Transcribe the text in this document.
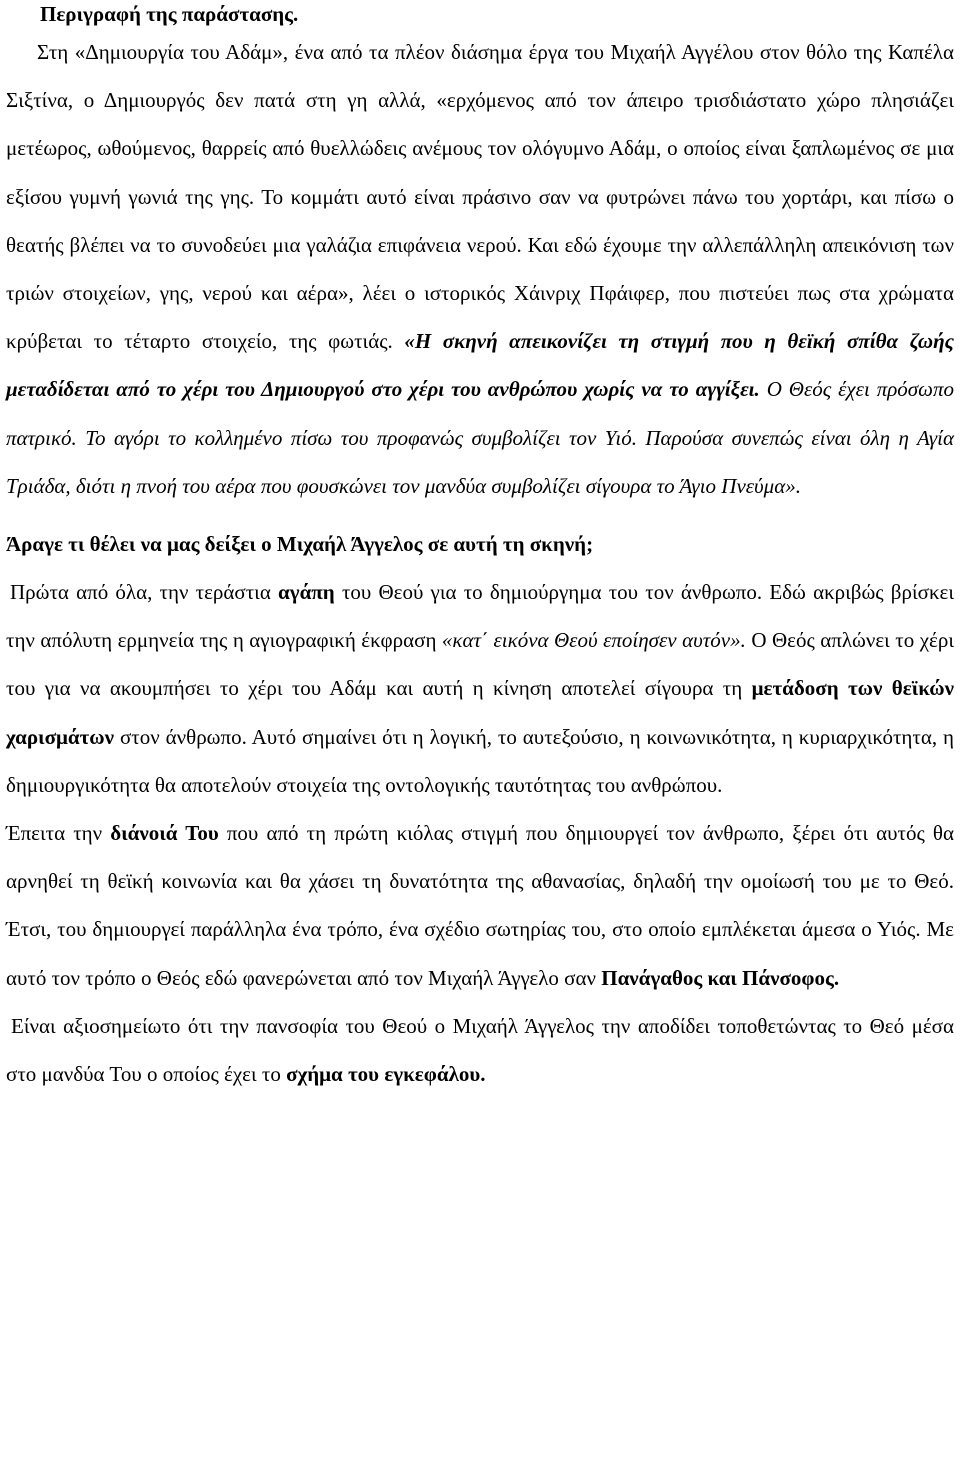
Περιγραφή της παράστασης.

Στη «Δημιουργία του Αδάμ», ένα από τα πλέον διάσημα έργα του Μιχαήλ Αγγέλου στον θόλο της Καπέλα Σιξτίνα, ο Δημιουργός δεν πατά στη γη αλλά, «ερχόμενος από τον άπειρο τρισδιάστατο χώρο πλησιάζει μετέωρος, ωθούμενος, θαρρείς από θυελλώδεις ανέμους τον ολόγυμνο Αδάμ, ο οποίος είναι ξαπλωμένος σε μια εξίσου γυμνή γωνιά της γης. Το κομμάτι αυτό είναι πράσινο σαν να φυτρώνει πάνω του χορτάρι, και πίσω ο θεατής βλέπει να το συνοδεύει μια γαλάζια επιφάνεια νερού. Και εδώ έχουμε την αλλεπάλληλη απεικόνιση των τριών στοιχείων, γης, νερού και αέρα», λέει ο ιστορικός Χάινριχ Πφάιφερ, που πιστεύει πως στα χρώματα κρύβεται το τέταρτο στοιχείο, της φωτιάς. «Η σκηνή απεικονίζει τη στιγμή που η θεϊκή σπίθα ζωής μεταδίδεται από το χέρι του Δημιουργού στο χέρι του ανθρώπου χωρίς να το αγγίξει. Ο Θεός έχει πρόσωπο πατρικό. Το αγόρι το κολλημένο πίσω του προφανώς συμβολίζει τον Υιό. Παρούσα συνεπώς είναι όλη η Αγία Τριάδα, διότι η πνοή του αέρα που φουσκώνει τον μανδύα συμβολίζει σίγουρα το Άγιο Πνεύμα».

Άραγε τι θέλει να μας δείξει ο Μιχαήλ Άγγελος σε αυτή τη σκηνή;

Πρώτα από όλα, την τεράστια αγάπη του Θεού για το δημιούργημα του τον άνθρωπο. Εδώ ακριβώς βρίσκει την απόλυτη ερμηνεία της η αγιογραφική έκφραση «κατ΄ εικόνα Θεού εποίησεν αυτόν». Ο Θεός απλώνει το χέρι του για να ακουμπήσει το χέρι του Αδάμ και αυτή η κίνηση αποτελεί σίγουρα τη μετάδοση των θεϊκών χαρισμάτων στον άνθρωπο. Αυτό σημαίνει ότι η λογική, το αυτεξούσιο, η κοινωνικότητα, η κυριαρχικότητα, η δημιουργικότητα θα αποτελούν στοιχεία της οντολογικής ταυτότητας του ανθρώπου.

Έπειτα την διάνοιά Του που από τη πρώτη κιόλας στιγμή που δημιουργεί τον άνθρωπο, ξέρει ότι αυτός θα αρνηθεί τη θεϊκή κοινωνία και θα χάσει τη δυνατότητα της αθανασίας, δηλαδή την ομοίωσή του με το Θεό. Έτσι, του δημιουργεί παράλληλα ένα τρόπο, ένα σχέδιο σωτηρίας του, στο οποίο εμπλέκεται άμεσα ο Υιός. Με αυτό τον τρόπο ο Θεός εδώ φανερώνεται από τον Μιχαήλ Άγγελο σαν Πανάγαθος και Πάνσοφος.

Είναι αξιοσημείωτο ότι την πανσοφία του Θεού ο Μιχαήλ Άγγελος την αποδίδει τοποθετώντας το Θεό μέσα στο μανδύα Του ο οποίος έχει το σχήμα του εγκεφάλου.
